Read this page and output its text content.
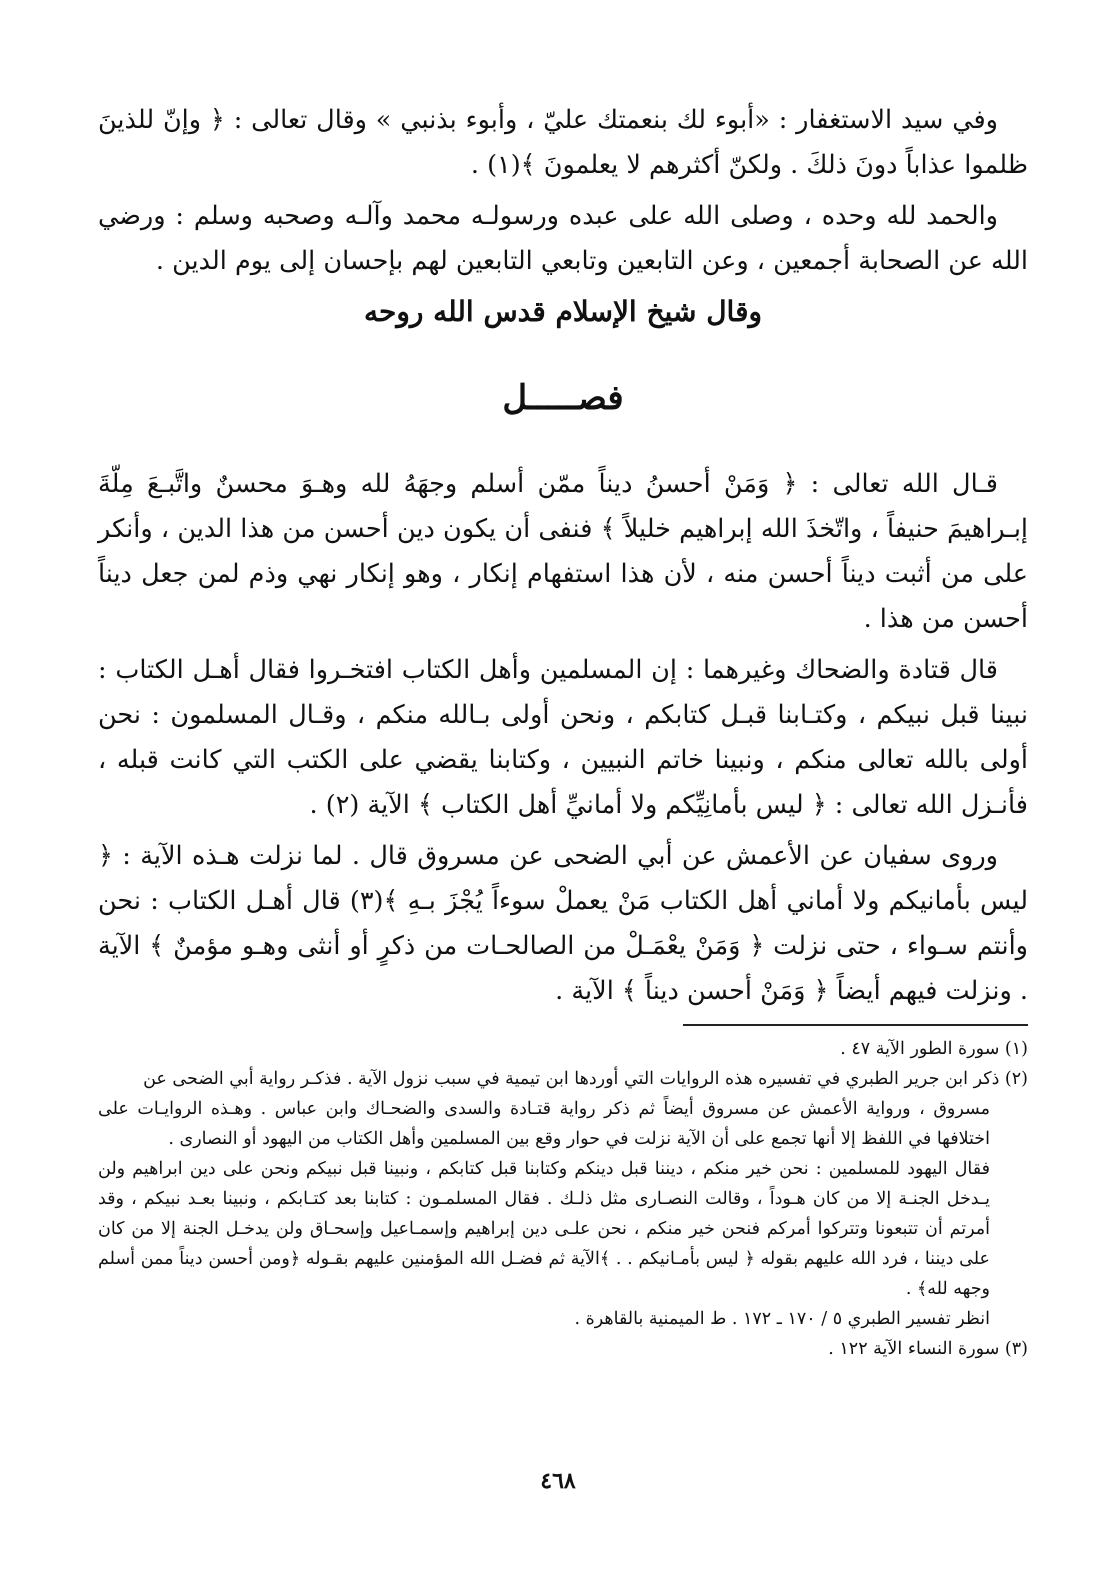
وفي سيد الاستغفار : «أبوء لك بنعمتك عليّ ، وأبوء بذنبي » وقال تعالى : ﴿ وإنّ للذينَ ظلموا عذاباً دونَ ذلكَ . ولكنّ أكثرهم لا يعلمونَ ﴾(١) .

والحمد لله وحده ، وصلى الله على عبده ورسولـه محمد وآلـه وصحبه وسلم : ورضي الله عن الصحابة أجمعين ، وعن التابعين وتابعي التابعين لهم بإحسان إلى يوم الدين .

وقال شيخ الإسلام قدس الله روحه
فصـــــل

قـال الله تعالى : ﴿ وَمَنْ أحسنُ ديناً ممّن أسلم وجهَهُ لله وهـوَ محسنٌ واتَّبـعَ مِلّةَ إبـراهيمَ حنيفاً ، واتّخذَ الله إبراهيم خليلاً ﴾ فنفى أن يكون دين أحسن من هذا الدين ، وأنكر على من أثبت ديناً أحسن منه ، لأن هذا استفهام إنكار ، وهو إنكار نهي وذم لمن جعل ديناً أحسن من هذا .

قال قتادة والضحاك وغيرهما : إن المسلمين وأهل الكتاب افتخـروا فقال أهـل الكتاب : نبينا قبل نبيكم ، وكتـابنا قبـل كتابكم ، ونحن أولى بـالله منكم ، وقـال المسلمون : نحن أولى بالله تعالى منكم ، ونبينا خاتم النبيين ، وكتابنا يقضي على الكتب التي كانت قبله ، فأنـزل الله تعالى : ﴿ ليس بأمانِيِّكم ولا أمانيِّ أهل الكتاب ﴾ الآية (٢) .

وروى سفيان عن الأعمش عن أبي الضحى عن مسروق قال . لما نزلت هـذه الآية : ﴿ ليس بأمانيكم ولا أماني أهل الكتاب مَنْ يعملْ سوءاً يُجْزَ بـهِ ﴾(٣) قال أهـل الكتاب : نحن وأنتم سـواء ، حتى نزلت ﴿ وَمَنْ يعْمَـلْ من الصالحـات من ذكرٍ أو أنثى وهـو مؤمنٌ ﴾ الآية . ونزلت فيهم أيضاً ﴿ وَمَنْ أحسن ديناً ﴾ الآية .

(١) سورة الطور الآية ٤٧ .

(٢) ذكر ابن جرير الطبري في تفسيره هذه الروايات التي أوردها ابن تيمية في سبب نزول الآية . فذكـر رواية أبي الضحى عن

مسروق ، ورواية الأعمش عن مسروق أيضاً ثم ذكر رواية قتـادة والسدى والضحـاك وابن عباس . وهـذه الروايـات على اختلافها في اللفظ إلا أنها تجمع على أن الآية نزلت في حوار وقع بين المسلمين وأهل الكتاب من اليهود أو النصارى .

فقال اليهود للمسلمين : نحن خير منكم ، ديننا قبل دينكم وكتابنا قبل كتابكم ، ونبينا قبل نبيكم ونحن على دين ابراهيم ولن يـدخل الجنـة إلا من كان هـوداً ، وقالت النصـارى مثل ذلـك . فقال المسلمـون : كتابنا بعد كتـابكم ، ونبينا بعـد نبيكم ، وقد أمرتم أن تتبعونا وتتركوا أمركم فنحن خير منكم ، نحن علـى دين إبراهيم وإسمـاعيل وإسحـاق ولن يدخـل الجنة إلا من كان على ديننا ، فرد الله عليهم بقوله ﴿ ليس بأمـانيكم . . ﴾الآية ثم فضـل الله المؤمنين عليهم بقـوله ﴿ومن أحسن ديناً ممن أسلم وجهه لله﴾ .

انظر تفسير الطبري ٥ / ١٧٠ ـ ١٧٢ . ط الميمنية بالقاهرة .

(٣) سورة النساء الآية ١٢٢ .

٤٦٨
